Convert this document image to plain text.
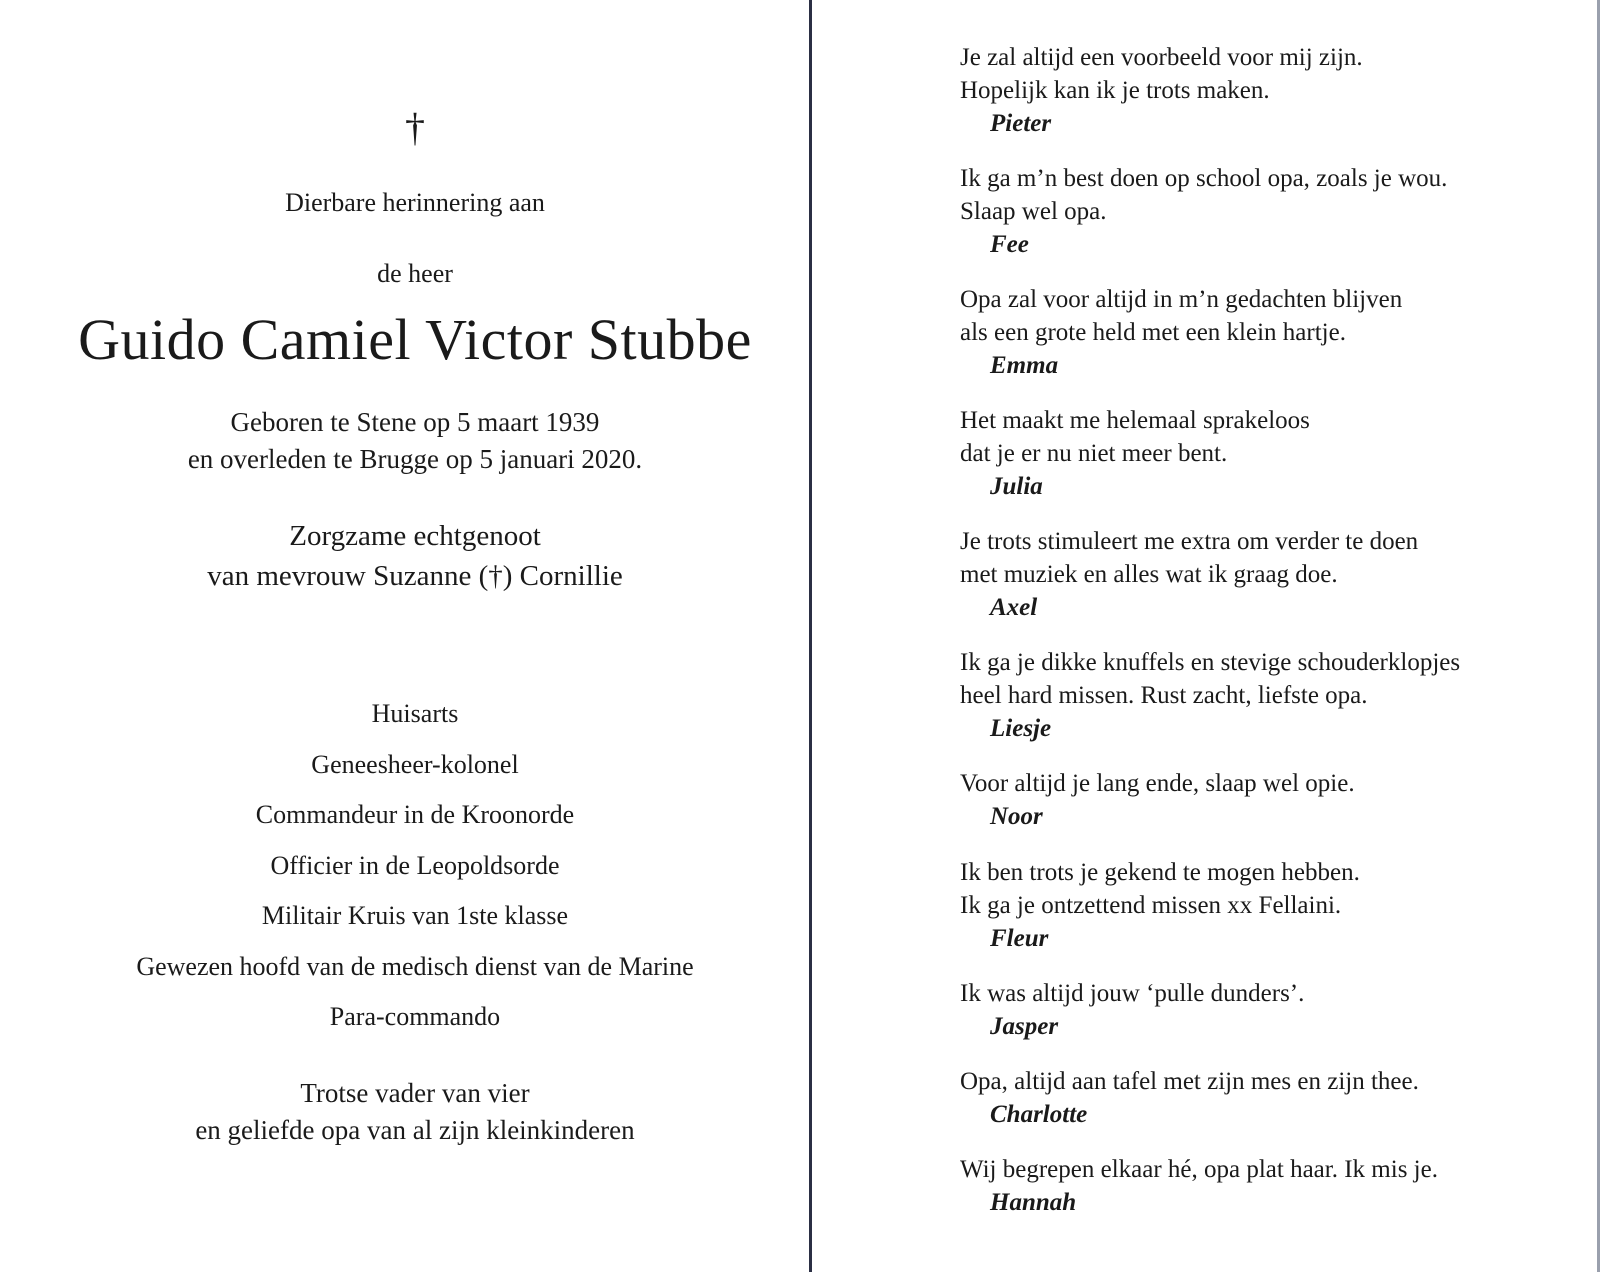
†
Dierbare herinnering aan
de heer
Guido Camiel Victor Stubbe
Geboren te Stene op 5 maart 1939
en overleden te Brugge op 5 januari 2020.
Zorgzame echtgenoot
van mevrouw Suzanne (†) Cornillie
Huisarts
Geneesheer-kolonel
Commandeur in de Kroonorde
Officier in de Leopoldsorde
Militair Kruis van 1ste klasse
Gewezen hoofd van de medisch dienst van de Marine
Para-commando
Trotse vader van vier
en geliefde opa van al zijn kleinkinderen
Je zal altijd een voorbeeld voor mij zijn.
Hopelijk kan ik je trots maken.
Pieter
Ik ga m’n best doen op school opa, zoals je wou.
Slaap wel opa.
Fee
Opa zal voor altijd in m’n gedachten blijven
als een grote held met een klein hartje.
Emma
Het maakt me helemaal sprakeloos
dat je er nu niet meer bent.
Julia
Je trots stimuleert me extra om verder te doen
met muziek en alles wat ik graag doe.
Axel
Ik ga je dikke knuffels en stevige schouderklopjes
heel hard missen. Rust zacht, liefste opa.
Liesje
Voor altijd je lang ende, slaap wel opie.
Noor
Ik ben trots je gekend te mogen hebben.
Ik ga je ontzettend missen xx Fellaini.
Fleur
Ik was altijd jouw ‘pulle dunders’.
Jasper
Opa, altijd aan tafel met zijn mes en zijn thee.
Charlotte
Wij begrepen elkaar hé, opa plat haar. Ik mis je.
Hannah
